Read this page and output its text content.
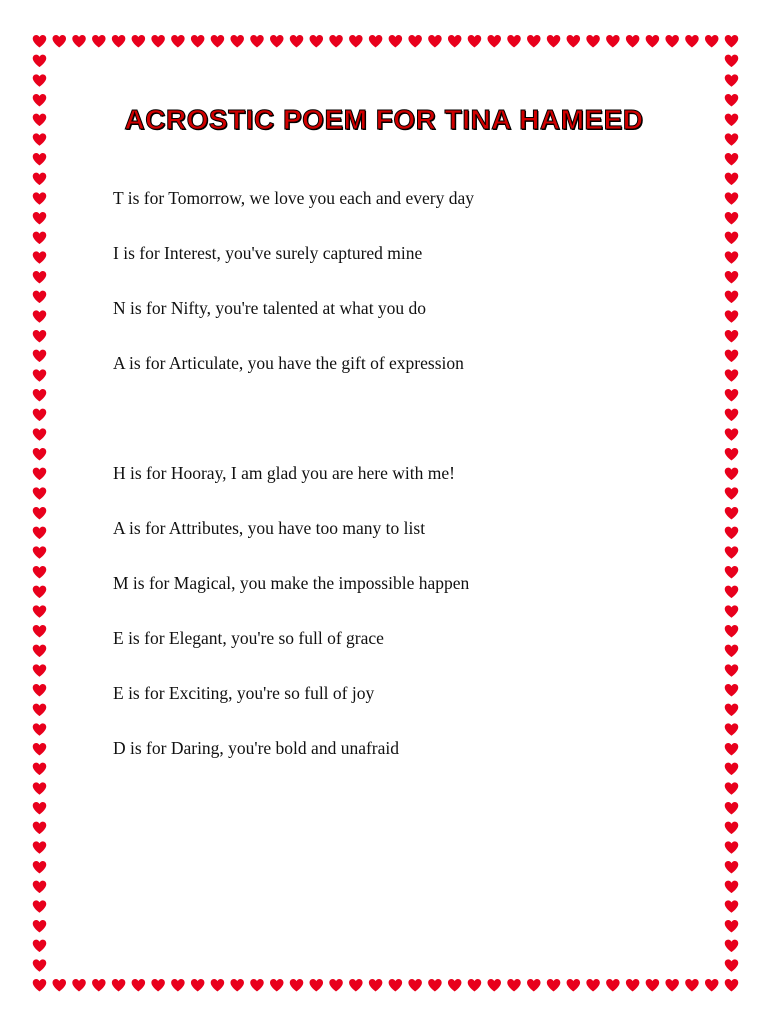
ACROSTIC POEM FOR TINA HAMEED
T is for Tomorrow, we love you each and every day
I is for Interest, you've surely captured mine
N is for Nifty, you're talented at what you do
A is for Articulate, you have the gift of expression
H is for Hooray, I am glad you are here with me!
A is for Attributes, you have too many to list
M is for Magical, you make the impossible happen
E is for Elegant, you're so full of grace
E is for Exciting, you're so full of joy
D is for Daring, you're bold and unafraid
